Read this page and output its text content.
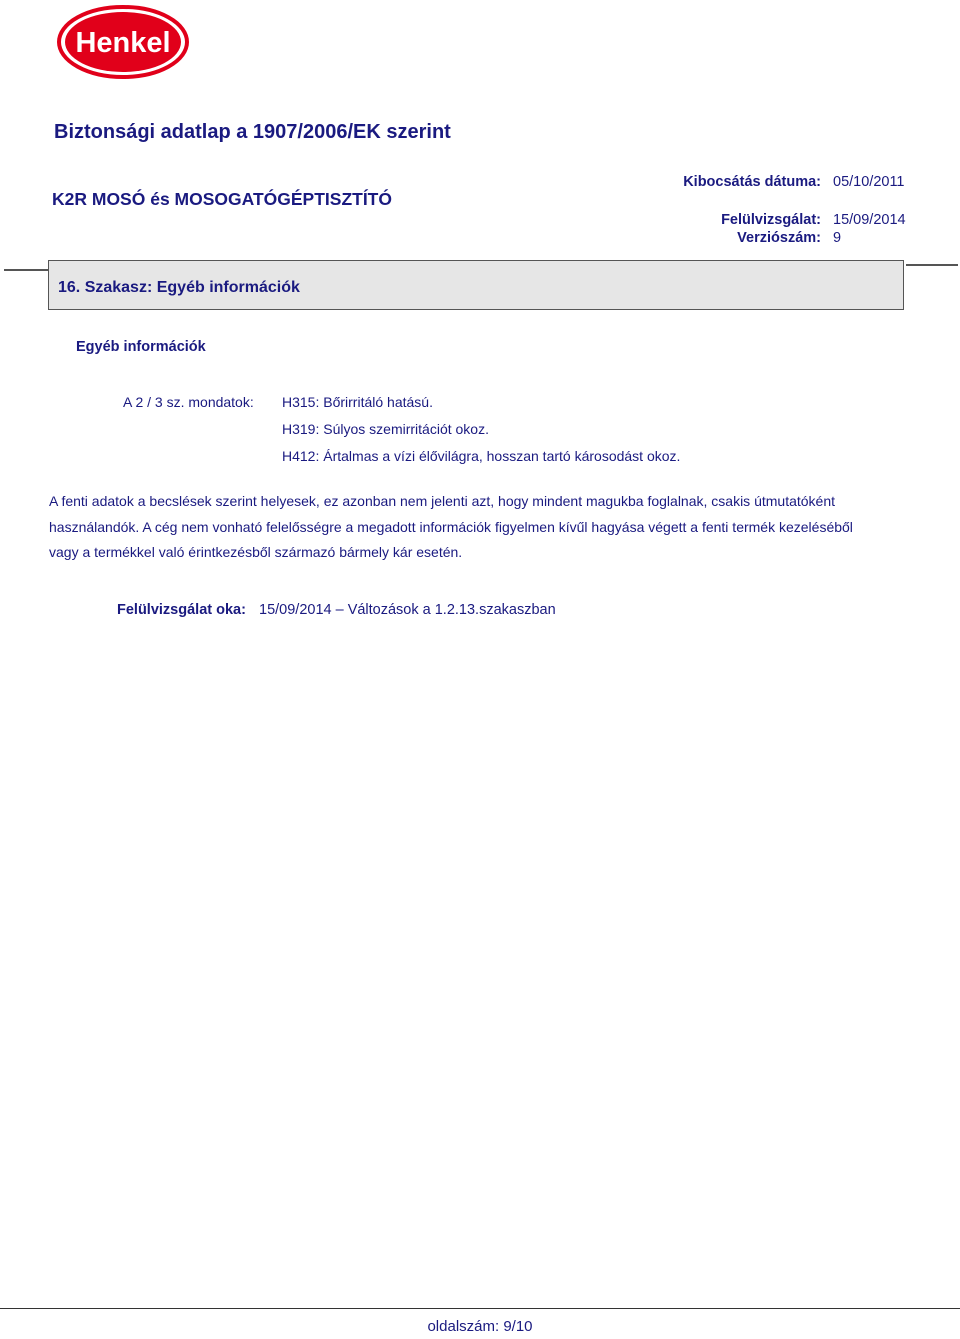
Henkel
Biztonsági adatlap a 1907/2006/EK szerint
K2R MOSÓ és MOSOGATÓGÉPTISZTÍTÓ
Kibocsátás dátuma: 05/10/2011
Felülvizsgálat: 15/09/2014
Verziószám: 9
16. Szakasz: Egyéb információk
Egyéb információk
A 2 / 3 sz. mondatok: H315: Bőrirritáló hatású.
H319: Súlyos szemirritációt okoz.
H412: Ártalmas a vízi élővilágra, hosszan tartó károsodást okoz.
A fenti adatok a becslések szerint helyesek, ez azonban nem jelenti azt, hogy mindent magukba foglalnak, csakis útmutatóként
használandók. A cég nem vonható felelősségre a megadott információk figyelmen kívűl hagyása végett a fenti termék kezeléséből
vagy a termékkel való érintkezésből származó bármely kár esetén.
Felülvizsgálat oka: 15/09/2014 – Változások a 1.2.13.szakaszban
oldalszám: 9/10
